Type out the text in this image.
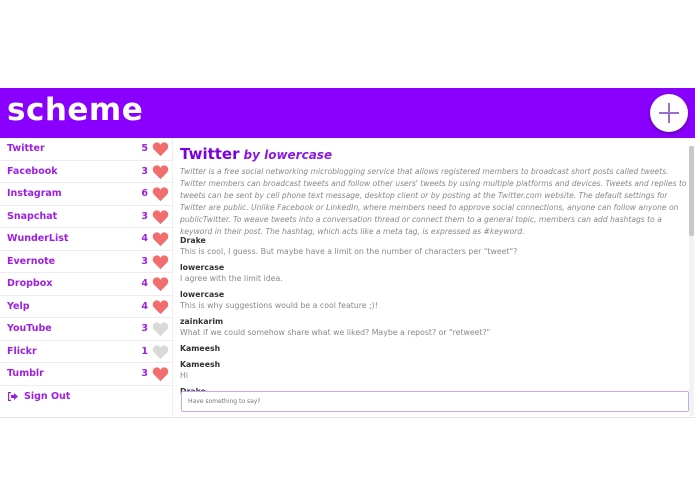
scheme
Twitter	5
Facebook	3
Instagram	6
Snapchat	3
WunderList	4
Evernote	3
Dropbox	4
Yelp	4
YouTube	3
Flickr	1
Tumblr	3
Sign Out
Twitter by lowercase
Twitter is a free social networking microblogging service that allows registered members to broadcast short posts called tweets. Twitter members can broadcast tweets and follow other users' tweets by using multiple platforms and devices. Tweets and replies to tweets can be sent by cell phone text message, desktop client or by posting at the Twitter.com website. The default settings for Twitter are public. Unlike Facebook or LinkedIn, where members need to approve social connections, anyone can follow anyone on publicTwitter. To weave tweets into a conversation thread or connect them to a general topic, members can add hashtags to a keyword in their post. The hashtag, which acts like a meta tag, is expressed as #keyword.
Drake
This is cool, I guess. But maybe have a limit on the number of characters per "tweet"?
lowercase
I agree with the limit idea.
lowercase
This is why suggestions would be a cool feature ;)!
zainkarim
What if we could somehow share what we liked? Maybe a repost? or "retweet?"
Kameesh
Kameesh
Hi
Have something to say?
